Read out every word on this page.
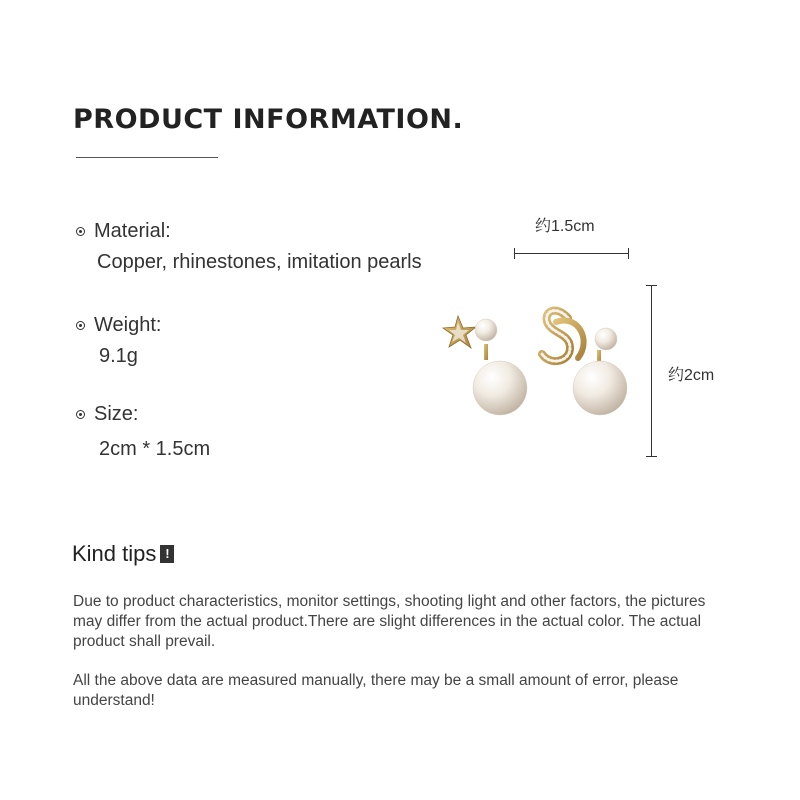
PRODUCT INFORMATION.
Material:
Copper, rhinestones, imitation pearls
Weight:
9.1g
Size:
2cm * 1.5cm
约1.5cm
约2cm
Kind tips !

Due to product characteristics, monitor settings, shooting light and other factors, the pictures may differ from the actual product.There are slight differences in the actual color. The actual product shall prevail.

All the above data are measured manually, there may be a small amount of error, please understand!
